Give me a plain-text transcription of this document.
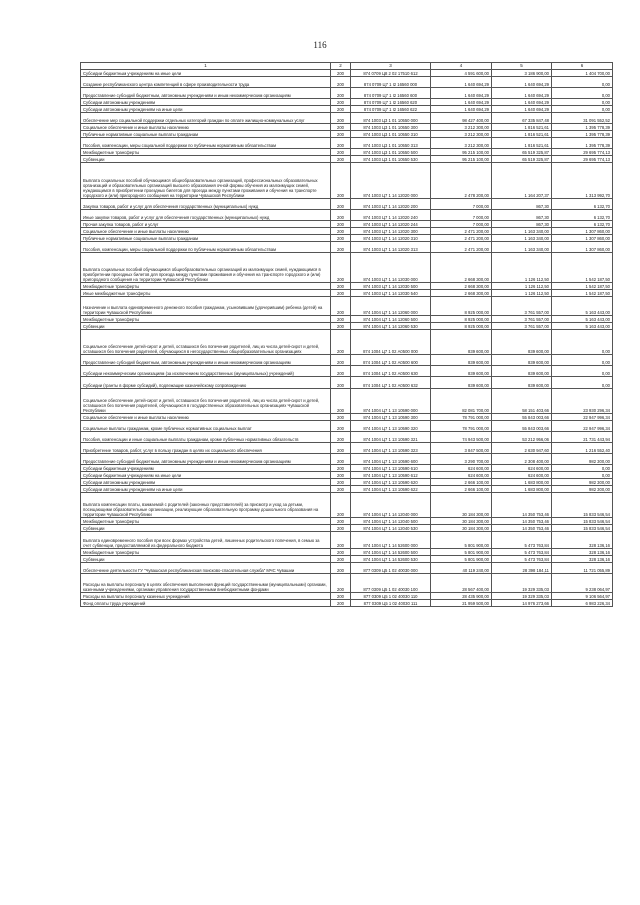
116
1	2	3	4	5	6
Субсидии бюджетным учреждениям на иные цели	200	874 0709 Ц8 2 02 17510 612	4 591 600,00	3 186 900,00	1 404 700,00
Создание республиканского центра компетенций в сфере производительности труда	200	874 0709 Ц7 1 I2 16560 000	1 640 694,29	1 640 694,29	0,00
Предоставление субсидий бюджетным, автономным учреждениям и иным некоммерческим организациям	200	874 0709 Ц7 1 I2 16560 600	1 640 694,29	1 640 694,29	0,00
Субсидии автономным учреждениям	200	874 0709 Ц7 1 I2 16560 620	1 640 694,29	1 640 694,29	0,00
Субсидии автономным учреждениям на иные цели	200	874 0709 Ц7 1 I2 16560 622	1 640 694,29	1 640 694,29	0,00
Обеспечение мер социальной поддержки отдельных категорий граждан по оплате жилищно-коммунальных услуг	200	874 1003 Ц3 1 01 10550 000	98 427 400,00	67 335 847,48	31 091 552,52
Социальное обеспечение и иные выплаты населению	200	874 1003 Ц3 1 01 10550 300	3 212 300,00	1 816 521,61	1 395 778,39
Публичные нормативные социальные выплаты гражданам	200	874 1003 Ц3 1 01 10550 310	3 212 300,00	1 816 521,61	1 395 778,39
Пособия, компенсации, меры социальной поддержки по публичным нормативным обязательствам	200	874 1003 Ц3 1 01 10550 313	3 212 300,00	1 816 521,61	1 395 778,39
Межбюджетные трансферты	200	874 1003 Ц3 1 01 10550 500	95 215 100,00	65 519 325,87	29 695 774,13
Субвенции	200	874 1003 Ц3 1 01 10550 530	95 215 100,00	65 519 325,87	29 695 774,13
Выплата социальных пособий обучающимся общеобразовательных организаций, профессиональных образовательных организаций и образовательных организаций высшего образования очной формы обучения из малоимущих семей, нуждающимся в приобретении проездных билетов для проезда между пунктами проживания и обучения на транспорте городского и (или) пригородного сообщения на территории Чувашской Республики	200	874 1003 Ц7 1 14 12020 000	2 478 200,00	1 164 207,37	1 313 992,70
Закупка товаров, работ и услуг для обеспечения государственных (муниципальных) нужд	200	874 1003 Ц7 1 14 12020 200	7 000,00	867,30	6 132,70
Иные закупки товаров, работ и услуг для обеспечения государственных (муниципальных) нужд	200	874 1003 Ц7 1 14 12020 240	7 000,00	867,30	6 132,70
Прочая закупка товаров, работ и услуг	200	874 1003 Ц7 1 14 12020 244	7 000,00	867,30	6 132,70
Социальное обеспечение и иные выплаты населению	200	874 1003 Ц7 1 14 12020 300	2 471 200,00	1 163 340,00	1 307 860,00
Публичные нормативные социальные выплаты гражданам	200	874 1003 Ц7 1 14 12020 310	2 471 200,00	1 163 340,00	1 307 860,00
Пособия, компенсации, меры социальной поддержки по публичным нормативным обязательствам	200	874 1003 Ц7 1 14 12020 313	2 471 200,00	1 163 340,00	1 307 860,00
Выплата социальных пособий обучающимся общеобразовательных организаций из малоимущих семей, нуждающимся в приобретении проездных билетов для проезда между пунктами проживания и обучения на транспорте городского и (или) пригородного сообщения на территории Чувашской Республики	200	874 1003 Ц7 1 14 12030 000	2 668 300,00	1 126 112,50	1 542 187,50
Межбюджетные трансферты	200	874 1003 Ц7 1 14 12030 500	2 668 300,00	1 126 112,50	1 542 187,50
Иные межбюджетные трансферты	200	874 1003 Ц7 1 14 12030 540	2 668 300,00	1 126 112,50	1 542 187,50
Назначение и выплата единовременного денежного пособия гражданам, усыновившим (удочерившим) ребенка (детей) на территории Чувашской Республики	200	874 1004 Ц7 1 14 12060 000	8 925 000,00	3 761 557,00	5 163 443,00
Межбюджетные трансферты	200	874 1004 Ц7 1 14 12060 500	8 925 000,00	3 761 557,00	5 163 443,00
Субвенции	200	874 1004 Ц7 1 14 12060 530	8 925 000,00	3 761 557,00	5 163 443,00
Социальное обеспечение детей-сирот и детей, оставшихся без попечения родителей, лиц из числа детей-сирот и детей, оставшихся без попечения родителей, обучающихся в негосударственных общеобразовательных организациях	200	874 1004 Ц7 1 02 А0500 000	839 600,00	839 600,00	0,00
Предоставление субсидий бюджетным, автономным учреждениям и иным некоммерческим организациям	200	874 1004 Ц7 1 02 А0500 600	839 600,00	839 600,00	0,00
Субсидии некоммерческим организациям (за исключением государственных (муниципальных) учреждений)	200	874 1004 Ц7 1 02 А0500 630	839 600,00	839 600,00	0,00
Субсидии (гранты в форме субсидий), подлежащие казначейскому сопровождению	200	874 1004 Ц7 1 02 А0500 632	839 600,00	839 600,00	0,00
Социальное обеспечение детей-сирот и детей, оставшихся без попечения родителей, лиц из числа детей-сирот и детей, оставшихся без попечения родителей, обучающихся в государственных образовательных организациях Чувашской Республики	200	874 1004 Ц7 1 13 10590 000	82 081 700,00	58 151 403,66	23 930 296,34
Социальное обеспечение и иные выплаты населению	200	874 1004 Ц7 1 13 10590 300	78 791 000,00	55 843 003,66	22 947 996,34
Социальные выплаты гражданам, кроме публичных нормативных социальных выплат	200	874 1004 Ц7 1 13 10590 320	78 791 000,00	55 843 003,66	22 947 996,34
Пособия, компенсации и иные социальные выплаты гражданам, кроме публичных нормативных обязательств	200	874 1004 Ц7 1 13 10590 321	74 943 500,00	53 212 956,06	21 731 443,94
Приобретение товаров, работ, услуг в пользу граждан в целях их социального обеспечения	200	874 1004 Ц7 1 13 10590 323	3 847 500,00	2 630 947,60	1 216 552,40
Предоставление субсидий бюджетным, автономным учреждениям и иным некоммерческим организациям	200	874 1004 Ц7 1 13 10590 600	3 290 700,00	2 308 400,00	982 300,00
Субсидии бюджетным учреждениям	200	874 1004 Ц7 1 13 10590 610	624 600,00	624 600,00	0,00
Субсидии бюджетным учреждениям на иные цели	200	874 1004 Ц7 1 13 10590 612	624 600,00	624 600,00	0,00
Субсидии автономным учреждениям	200	874 1004 Ц7 1 13 10590 620	2 666 100,00	1 683 800,00	982 300,00
Субсидии автономным учреждениям на иные цели	200	874 1004 Ц7 1 13 10590 622	2 666 100,00	1 683 800,00	982 300,00
Выплата компенсации платы, взимаемой с родителей (законных представителей) за присмотр и уход за детьми, посещающими образовательные организации, реализующие образовательную программу дошкольного образования на территории Чувашской Республики	200	874 1004 Ц7 1 14 12040 000	30 184 300,00	14 350 753,46	15 833 546,54
Межбюджетные трансферты	200	874 1004 Ц7 1 14 12040 500	30 184 300,00	14 350 753,46	15 833 546,54
Субвенции	200	874 1004 Ц7 1 14 12040 530	30 184 300,00	14 350 753,46	15 833 546,54
Выплата единовременного пособия при всех формах устройства детей, лишенных родительского попечения, в семью за счет субвенции, предоставляемой из федерального бюджета	200	874 1004 Ц7 1 14 52600 000	5 801 900,00	5 473 763,84	328 136,16
Межбюджетные трансферты	200	874 1004 Ц7 1 14 52600 500	5 801 900,00	5 473 763,84	328 136,16
Субвенции	200	874 1004 Ц7 1 14 52600 530	5 801 900,00	5 473 763,84	328 136,16
Обеспечение деятельности ГУ "Чувашская республиканская поисково-спасательная служба" МЧС Чувашии	200	877 0309 Ц5 1 02 40030 000	40 119 240,00	28 398 184,11	11 721 055,89
Расходы на выплаты персоналу в целях обеспечения выполнения функций государственными (муниципальными) органами, казенными учреждениями, органами управления государственными внебюджетными фондами	200	877 0309 Ц5 1 02 40030 100	28 567 400,00	19 329 335,03	9 238 064,97
Расходы на выплаты персоналу казенных учреждений	200	877 0309 Ц5 1 02 40030 110	28 435 900,00	19 329 335,03	9 106 564,97
Фонд оплаты труда учреждений	200	877 0309 Ц5 1 02 40030 111	21 959 500,00	14 976 273,66	6 983 226,34
